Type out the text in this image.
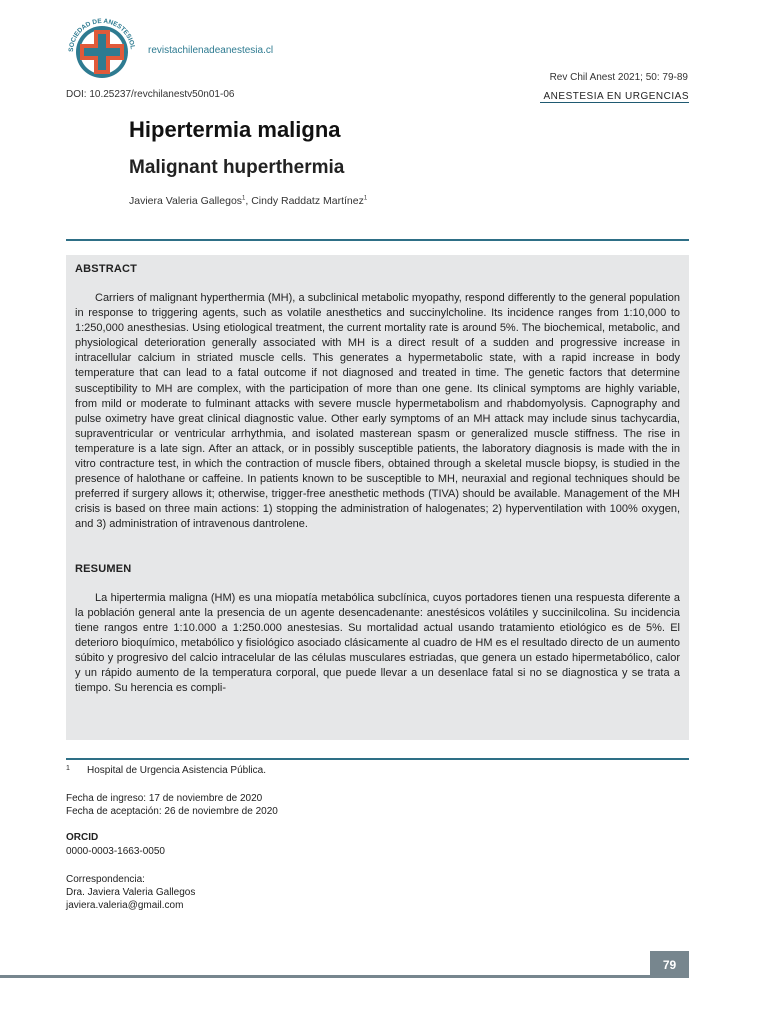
SOCIEDAD DE ANESTESIOL revistachilenadeanestesia.cl
Rev Chil Anest 2021; 50: 79-89
DOI: 10.25237/revchilanestv50n01-06	ANESTESIA EN URGENCIAS
Hipertermia maligna
Malignant huperthermia

Javiera Valeria Gallegos$^1$, Cindy Raddatz Martínez$^1$

ABSTRACT

Carriers of malignant hyperthermia (MH), a subclinical metabolic myopathy, respond differently to the general population in response to triggering agents, such as volatile anesthetics and succinylcholine. Its incidence ranges from 1:10,000 to 1:250,000 anesthesias. Using etiological treatment, the current mortality rate is around 5%. The biochemical, metabolic, and physiological deterioration generally associated with MH is a direct result of a sudden and progressive increase in intracellular calcium in striated muscle cells. This generates a hypermetabolic state, with a rapid increase in body temperature that can lead to a fatal outcome if not diagnosed and treated in time. The genetic factors that determine susceptibility to MH are complex, with the participation of more than one gene. Its clinical symptoms are highly variable, from mild or moderate to fulminant attacks with severe muscle hypermetabolism and rhabdomyolysis. Capnography and pulse oximetry have great clinical diagnostic value. Other early symptoms of an MH attack may include sinus tachycardia, supraventricular or ventricular arrhythmia, and isolated masterean spasm or generalized muscle stiffness. The rise in temperature is a late sign. After an attack, or in possibly susceptible patients, the laboratory diagnosis is made with the in vitro contracture test, in which the contraction of muscle fibers, obtained through a skeletal muscle biopsy, is studied in the presence of halothane or caffeine. In patients known to be susceptible to MH, neuraxial and regional techniques should be preferred if surgery allows it; otherwise, trigger-free anesthetic methods (TIVA) should be available. Management of the MH crisis is based on three main actions: 1) stopping the administration of halogenates; 2) hyperventilation with 100% oxygen, and 3) administration of intravenous dantrolene.

RESUMEN

La hipertermia maligna (HM) es una miopatía metabólica subclínica, cuyos portadores tienen una respuesta diferente a la población general ante la presencia de un agente desencadenante: anestésicos volátiles y succinilcolina. Su incidencia tiene rangos entre 1:10.000 a 1:250.000 anestesias. Su mortalidad actual usando tratamiento etiológico es de 5%. El deterioro bioquímico, metabólico y fisiológico asociado clásicamente al cuadro de HM es el resultado directo de un aumento súbito y progresivo del calcio intracelular de las células musculares estriadas, que genera un estado hipermetabólico, calor y un rápido aumento de la temperatura corporal, que puede llevar a un desenlace fatal si no se diagnostica y se trata a tiempo. Su herencia es compli-

1 Hospital de Urgencia Asistencia Pública.
Fecha de ingreso: 17 de noviembre de 2020
Fecha de aceptación: 26 de noviembre de 2020
ORCID
0000-0003-1663-0050
Correspondencia:
Dra. Javiera Valeria Gallegos
javiera.valeria@gmail.com
79
